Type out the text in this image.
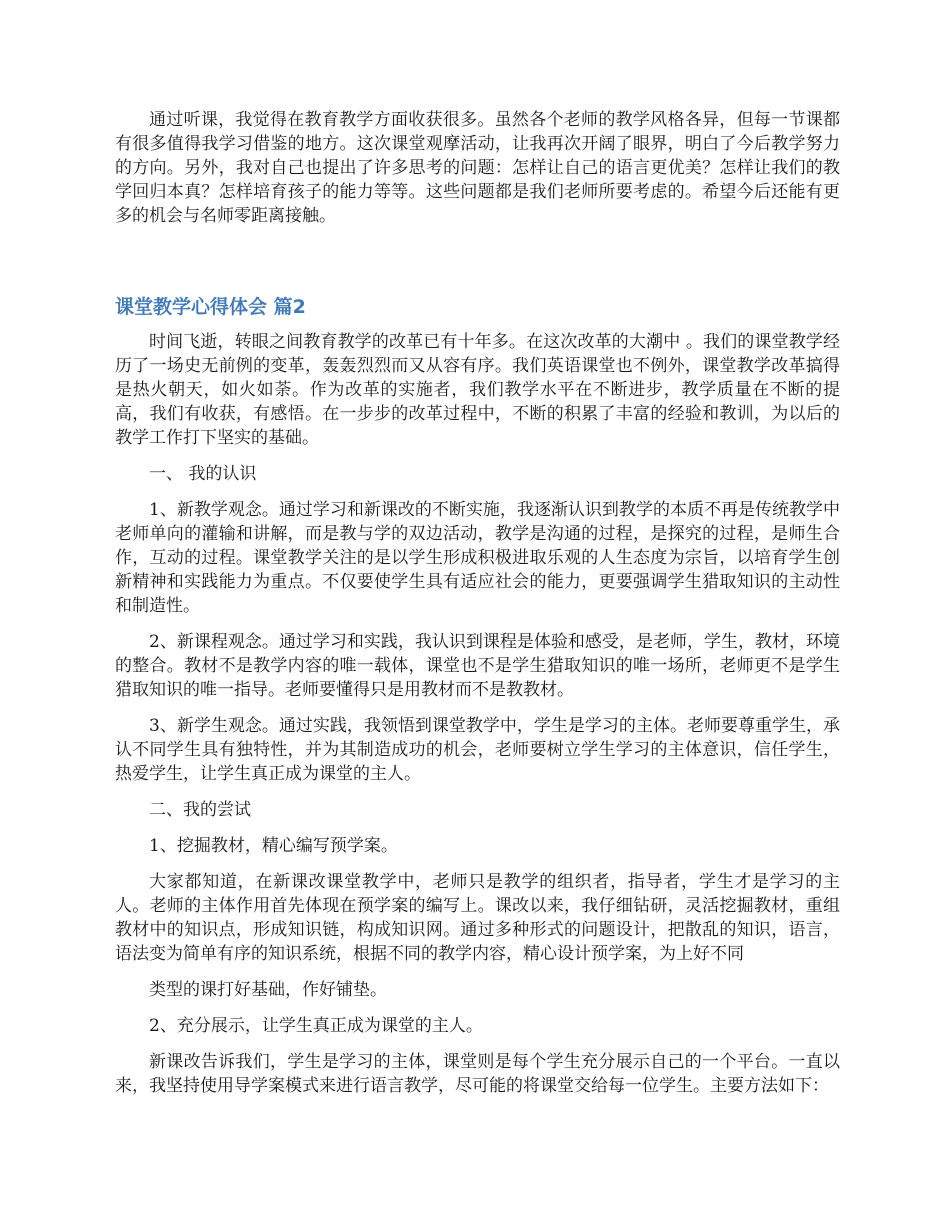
通过听课，我觉得在教育教学方面收获很多。虽然各个老师的教学风格各异，但每一节课都有很多值得我学习借鉴的地方。这次课堂观摩活动，让我再次开阔了眼界，明白了今后教学努力的方向。另外，我对自己也提出了许多思考的问题：怎样让自己的语言更优美？怎样让我们的教学回归本真？怎样培育孩子的能力等等。这些问题都是我们老师所要考虑的。希望今后还能有更多的机会与名师零距离接触。

课堂教学心得体会 篇2

时间飞逝，转眼之间教育教学的改革已有十年多。在这次改革的大潮中 。我们的课堂教学经历了一场史无前例的变革，轰轰烈烈而又从容有序。我们英语课堂也不例外，课堂教学改革搞得是热火朝天，如火如荼。作为改革的实施者，我们教学水平在不断进步，教学质量在不断的提高，我们有收获，有感悟。在一步步的改革过程中，不断的积累了丰富的经验和教训，为以后的教学工作打下坚实的基础。

一、 我的认识

1、新教学观念。通过学习和新课改的不断实施，我逐渐认识到教学的本质不再是传统教学中老师单向的灌输和讲解，而是教与学的双边活动，教学是沟通的过程，是探究的过程，是师生合作，互动的过程。课堂教学关注的是以学生形成积极进取乐观的人生态度为宗旨，以培育学生创新精神和实践能力为重点。不仅要使学生具有适应社会的能力，更要强调学生猎取知识的主动性和制造性。

2、新课程观念。通过学习和实践，我认识到课程是体验和感受，是老师，学生，教材，环境的整合。教材不是教学内容的唯一载体，课堂也不是学生猎取知识的唯一场所，老师更不是学生猎取知识的唯一指导。老师要懂得只是用教材而不是教教材。

3、新学生观念。通过实践，我领悟到课堂教学中，学生是学习的主体。老师要尊重学生，承认不同学生具有独特性，并为其制造成功的机会，老师要树立学生学习的主体意识，信任学生，热爱学生，让学生真正成为课堂的主人。

二、我的尝试

1、挖掘教材，精心编写预学案。

大家都知道，在新课改课堂教学中，老师只是教学的组织者，指导者，学生才是学习的主人。老师的主体作用首先体现在预学案的编写上。课改以来，我仔细钻研，灵活挖掘教材，重组教材中的知识点，形成知识链，构成知识网。通过多种形式的问题设计，把散乱的知识，语言，语法变为简单有序的知识系统，根据不同的教学内容，精心设计预学案，为上好不同

类型的课打好基础，作好铺垫。

2、充分展示，让学生真正成为课堂的主人。

新课改告诉我们，学生是学习的主体，课堂则是每个学生充分展示自己的一个平台。一直以来，我坚持使用导学案模式来进行语言教学，尽可能的将课堂交给每一位学生。主要方法如下：
